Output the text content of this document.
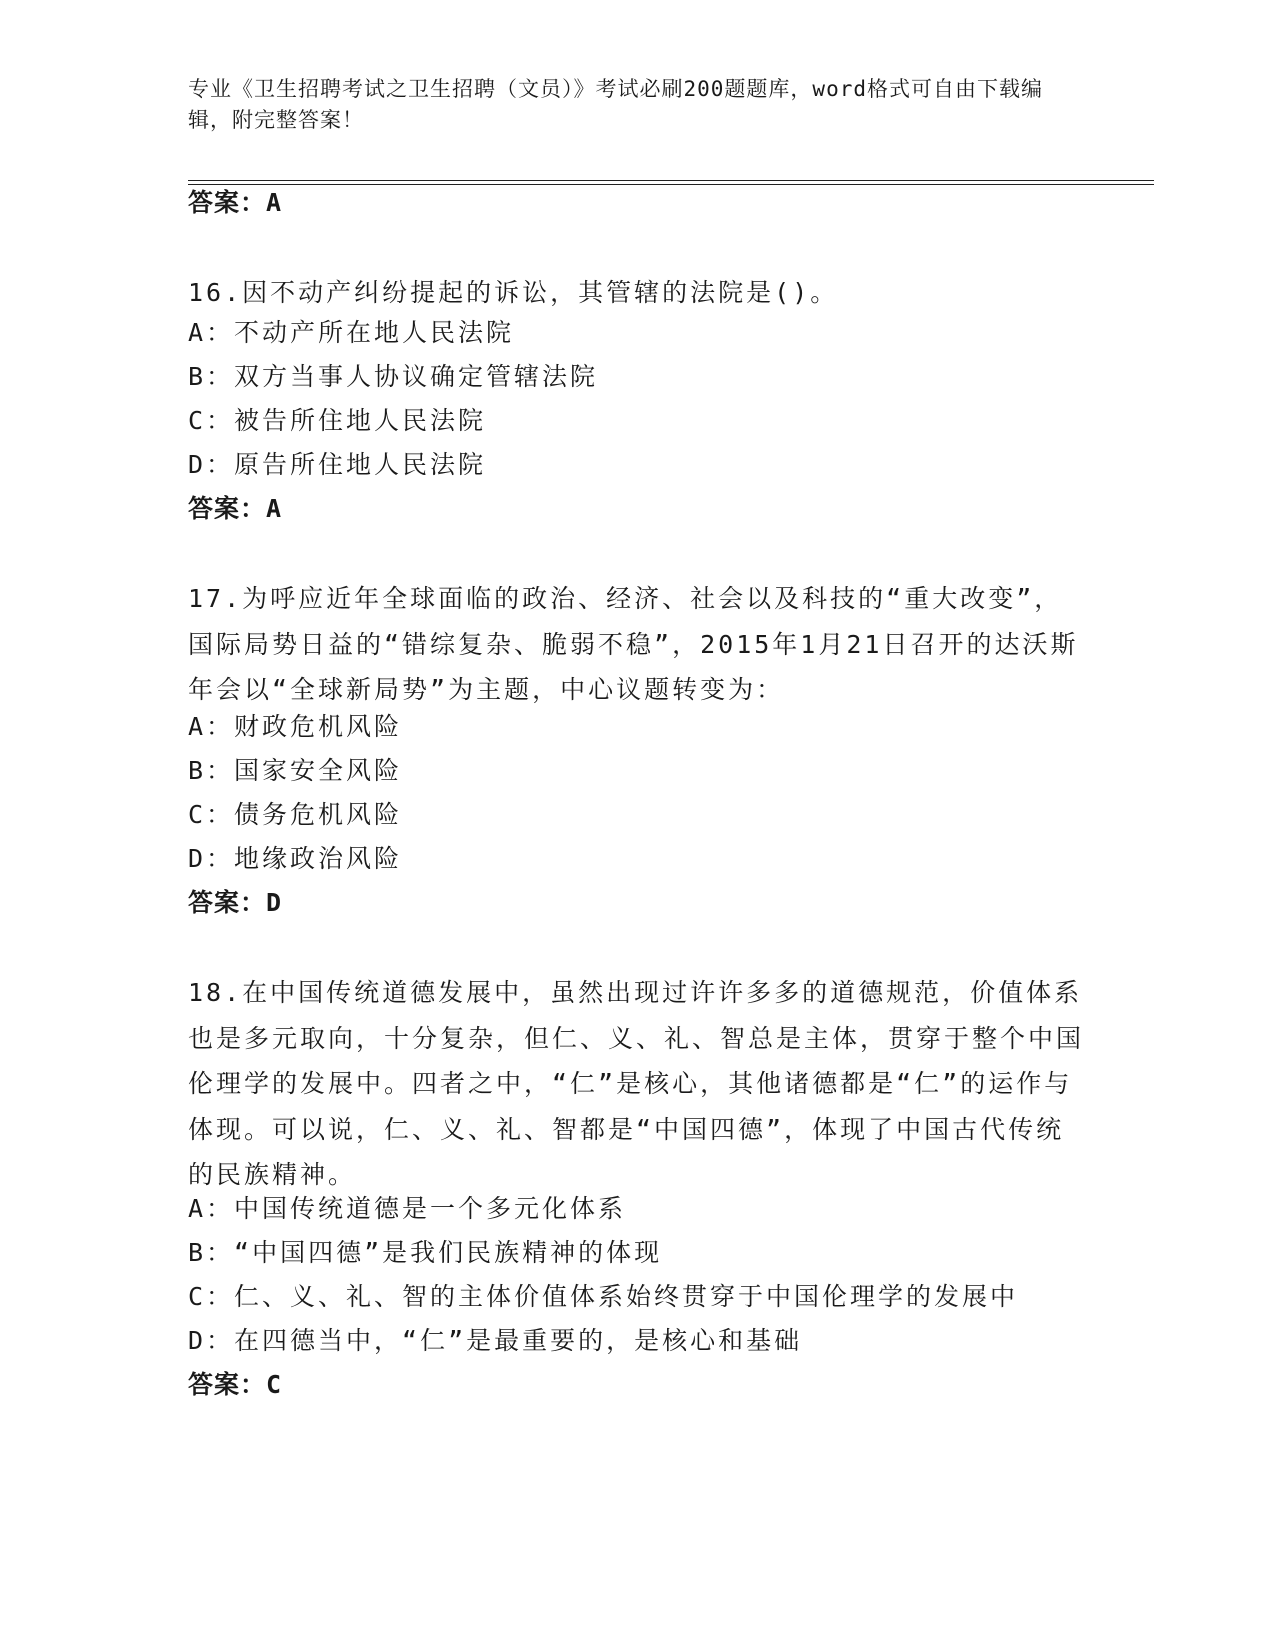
专业《卫生招聘考试之卫生招聘（文员）》考试必刷200题题库，word格式可自由下载编辑，附完整答案！
答案：A
16.因不动产纠纷提起的诉讼，其管辖的法院是()。
A：不动产所在地人民法院
B：双方当事人协议确定管辖法院
C：被告所住地人民法院
D：原告所住地人民法院
答案：A
17.为呼应近年全球面临的政治、经济、社会以及科技的“重大改变”，国际局势日益的“错综复杂、脆弱不稳”，2015年1月21日召开的达沃斯年会以“全球新局势”为主题，中心议题转变为：
A：财政危机风险
B：国家安全风险
C：债务危机风险
D：地缘政治风险
答案：D
18.在中国传统道德发展中，虽然出现过许许多多的道德规范，价值体系也是多元取向，十分复杂，但仁、义、礼、智总是主体，贯穿于整个中国伦理学的发展中。四者之中，“仁”是核心，其他诸德都是“仁”的运作与体现。可以说，仁、义、礼、智都是“中国四德”，体现了中国古代传统的民族精神。
A：中国传统道德是一个多元化体系
B：“中国四德”是我们民族精神的体现
C：仁、义、礼、智的主体价值体系始终贯穿于中国伦理学的发展中
D：在四德当中，“仁”是最重要的，是核心和基础
答案：C
